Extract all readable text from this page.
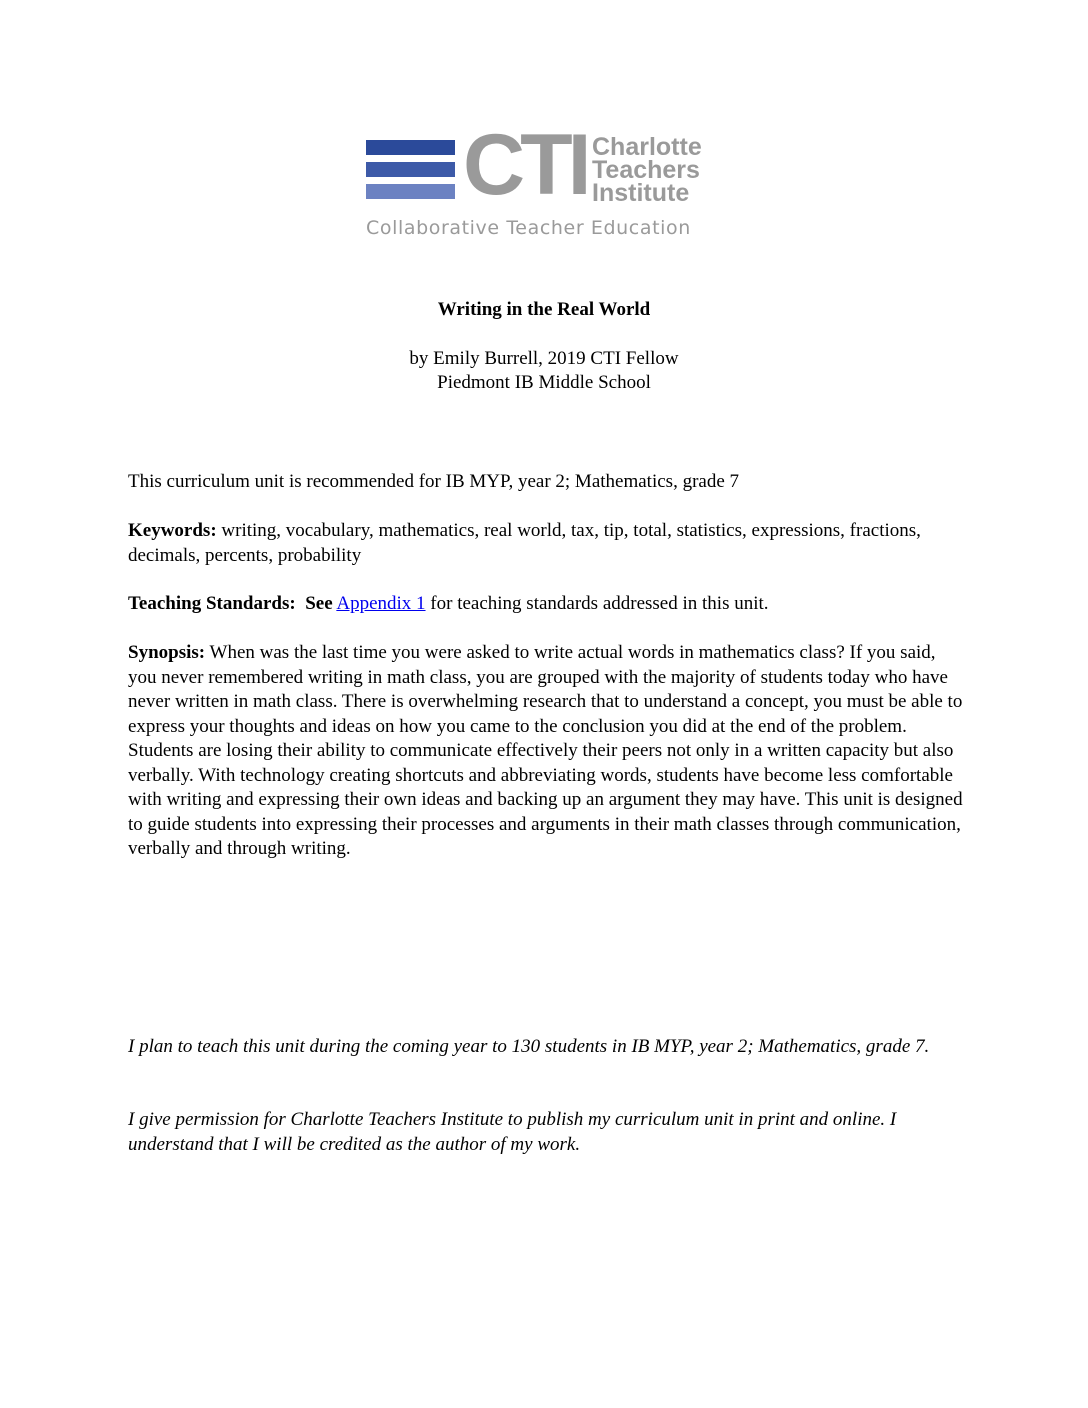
CTI Charlotte
Teachers
Institute
Collaborative Teacher Education
Writing in the Real World
by Emily Burrell, 2019 CTI Fellow
Piedmont IB Middle School

This curriculum unit is recommended for IB MYP, year 2; Mathematics, grade 7

Keywords: writing, vocabulary, mathematics, real world, tax, tip, total, statistics, expressions, fractions, decimals, percents, probability

Teaching Standards: See Appendix 1 for teaching standards addressed in this unit.

Synopsis: When was the last time you were asked to write actual words in mathematics class? If you said, you never remembered writing in math class, you are grouped with the majority of students today who have never written in math class. There is overwhelming research that to understand a concept, you must be able to express your thoughts and ideas on how you came to the conclusion you did at the end of the problem. Students are losing their ability to communicate effectively their peers not only in a written capacity but also verbally. With technology creating shortcuts and abbreviating words, students have become less comfortable with writing and expressing their own ideas and backing up an argument they may have. This unit is designed to guide students into expressing their processes and arguments in their math classes through communication, verbally and through writing.

I plan to teach this unit during the coming year to 130 students in IB MYP, year 2; Mathematics, grade 7.

I give permission for Charlotte Teachers Institute to publish my curriculum unit in print and online. I understand that I will be credited as the author of my work.
